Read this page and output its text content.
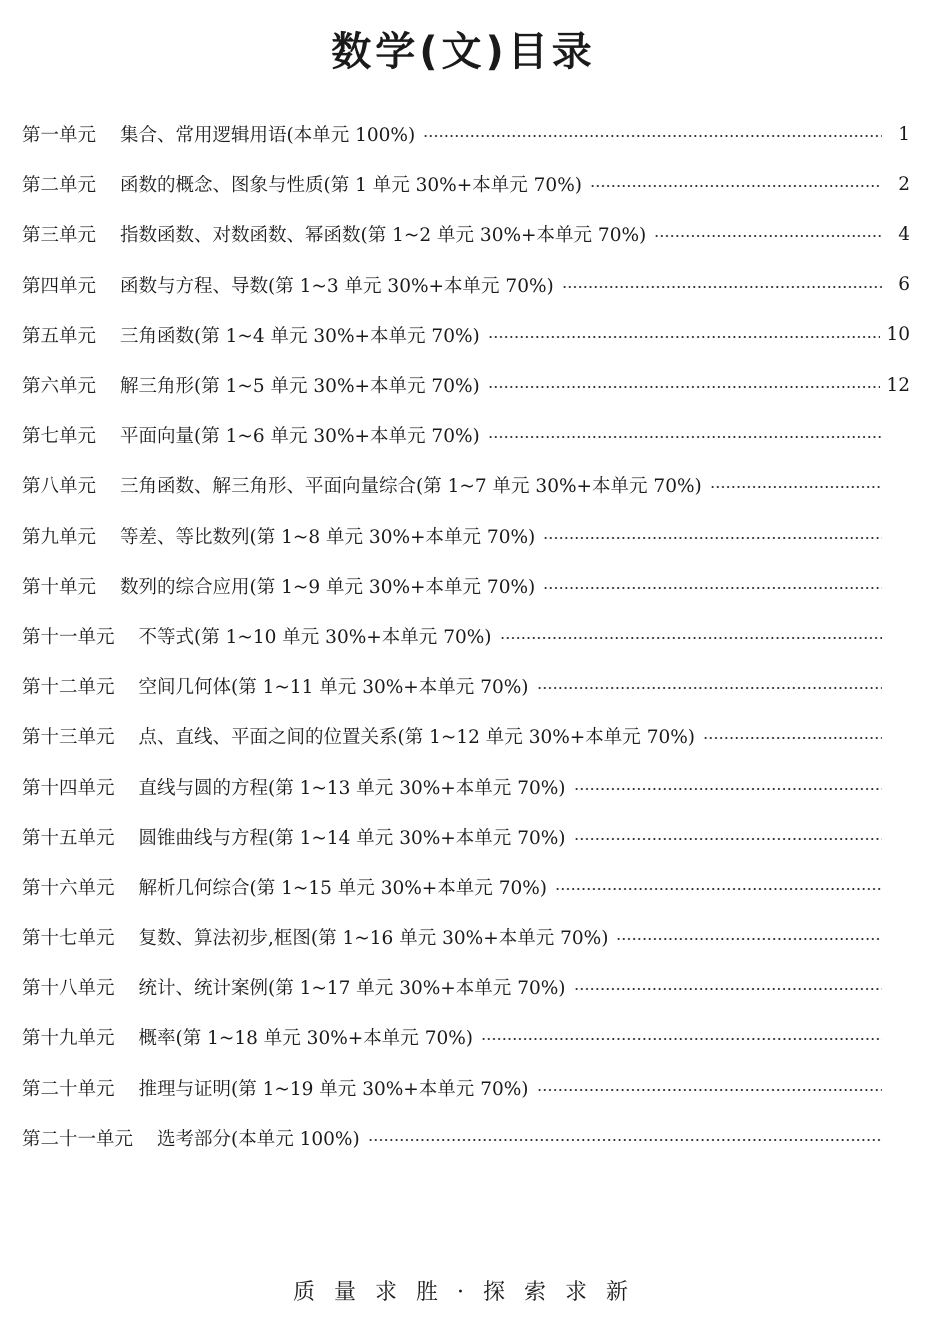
数学(文)目录
第一单元 集合、常用逻辑用语(本单元 100%)	1
第二单元 函数的概念、图象与性质(第 1 单元 30%+本单元 70%)	2
第三单元 指数函数、对数函数、幂函数(第 1~2 单元 30%+本单元 70%)	4
第四单元 函数与方程、导数(第 1~3 单元 30%+本单元 70%)	6
第五单元 三角函数(第 1~4 单元 30%+本单元 70%)	10
第六单元 解三角形(第 1~5 单元 30%+本单元 70%)	12
第七单元 平面向量(第 1~6 单元 30%+本单元 70%)
第八单元 三角函数、解三角形、平面向量综合(第 1~7 单元 30%+本单元 70%)
第九单元 等差、等比数列(第 1~8 单元 30%+本单元 70%)
第十单元 数列的综合应用(第 1~9 单元 30%+本单元 70%)
第十一单元 不等式(第 1~10 单元 30%+本单元 70%)
第十二单元 空间几何体(第 1~11 单元 30%+本单元 70%)
第十三单元 点、直线、平面之间的位置关系(第 1~12 单元 30%+本单元 70%)
第十四单元 直线与圆的方程(第 1~13 单元 30%+本单元 70%)
第十五单元 圆锥曲线与方程(第 1~14 单元 30%+本单元 70%)
第十六单元 解析几何综合(第 1~15 单元 30%+本单元 70%)
第十七单元 复数、算法初步,框图(第 1~16 单元 30%+本单元 70%)
第十八单元 统计、统计案例(第 1~17 单元 30%+本单元 70%)
第十九单元 概率(第 1~18 单元 30%+本单元 70%)
第二十单元 推理与证明(第 1~19 单元 30%+本单元 70%)
第二十一单元 选考部分(本单元 100%)

质 量 求 胜 · 探 索 求 新
